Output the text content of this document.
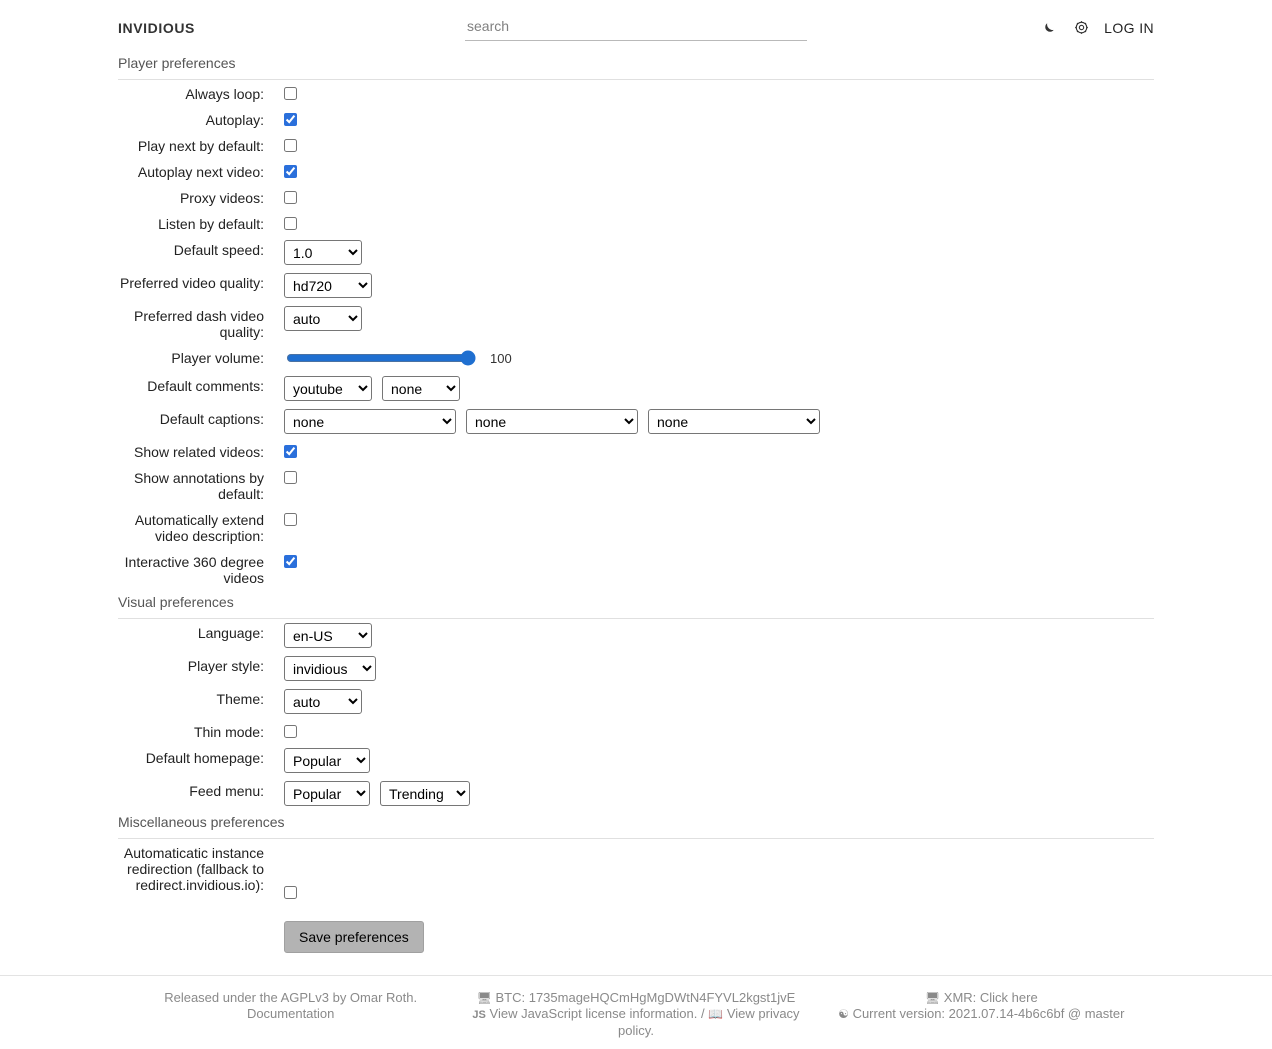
INVIDIOUS
search	LOG IN
Player preferences
Always loop:
Autoplay:
Play next by default:
Autoplay next video:
Proxy videos:
Listen by default:
Default speed:
1.0
Preferred video quality:
hd720
Preferred dash video quality:
auto
Player volume:	100
Default comments:
youtube
none
Default captions:
none
none
none
Show related videos:
Show annotations by default:
Automatically extend video description:
Interactive 360 degree videos
Visual preferences
Language:
en-US
Player style:
invidious
Theme:
auto
Thin mode:
Default homepage:
Popular
Feed menu:
Popular
Trending
Miscellaneous preferences
Automaticatic instance redirection (fallback to redirect.invidious.io):
Save preferences
Released under the AGPLv3 by Omar Roth.
Documentation
🖥 BTC: 1735mageHQCmHgMgDWtN4FYVL2kgst1jvE
JS View JavaScript license information. / 📖 View privacy policy.
🖥 XMR: Click here
☯ Current version: 2021.07.14-4b6c6bf @ master
